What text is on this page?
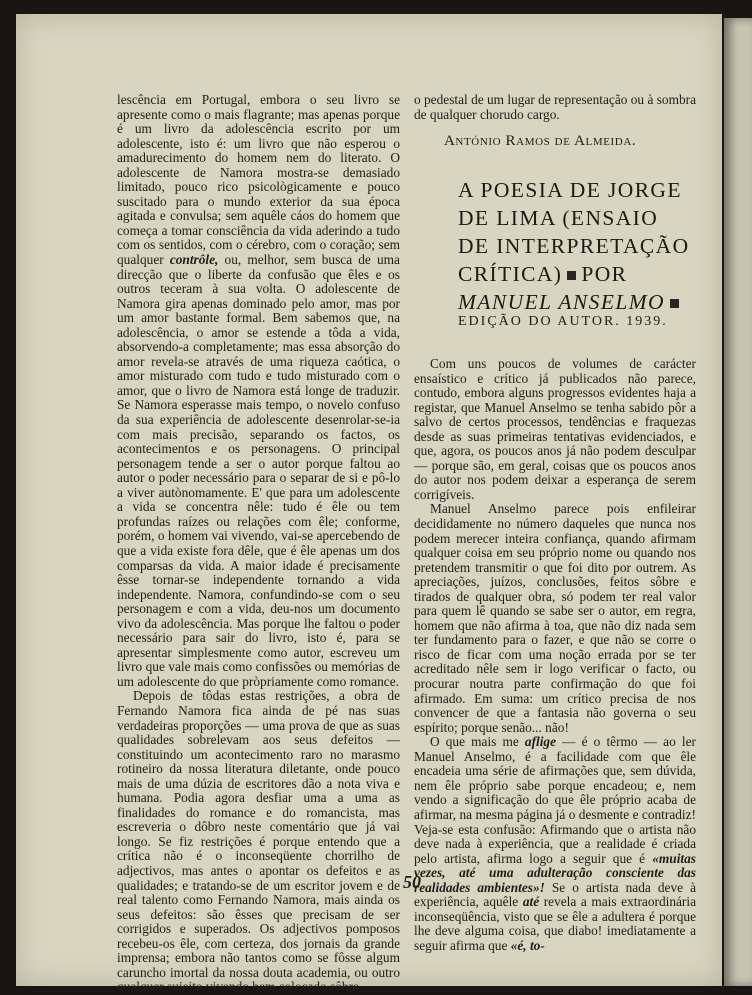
lescência em Portugal, embora o seu livro se apresente como o mais flagrante; mas apenas porque é um livro da adolescência escrito por um adolescente, isto é: um livro que não esperou o amadurecimento do homem nem do literato. O adolescente de Namora mostra-se demasiado limitado, pouco rico psicològicamente e pouco suscitado para o mundo exterior da sua época agitada e convulsa; sem aquêle cáos do homem que começa a tomar consciência da vida aderindo a tudo com os sentidos, com o cérebro, com o coração; sem qualquer contrôle, ou, melhor, sem busca de uma direcção que o liberte da confusão que êles e os outros teceram à sua volta. O adolescente de Namora gira apenas dominado pelo amor, mas por um amor bastante formal. Bem sabemos que, na adolescência, o amor se estende a tôda a vida, absorvendo-a completamente; mas essa absorção do amor revela-se através de uma riqueza caótica, o amor misturado com tudo e tudo misturado com o amor, que o livro de Namora está longe de traduzir. Se Namora esperasse mais tempo, o novelo confuso da sua experiência de adolescente desenrolar-se-ia com mais precisão, separando os factos, os acontecimentos e os personagens. O principal personagem tende a ser o autor porque faltou ao autor o poder necessário para o separar de si e pô-lo a viver autònomamente. E' que para um adolescente a vida se concentra nêle: tudo é êle ou tem profundas raízes ou relações com êle; conforme, porém, o homem vai vivendo, vai-se apercebendo de que a vida existe fora dêle, que é êle apenas um dos comparsas da vida. A maior idade é precisamente êsse tornar-se independente tornando a vida independente. Namora, confundindo-se com o seu personagem e com a vida, deu-nos um documento vivo da adolescência. Mas porque lhe faltou o poder necessário para sair do livro, isto é, para se apresentar simplesmente como autor, escreveu um livro que vale mais como confissões ou memórias de um adolescente do que pròpriamente como romance.

Depois de tôdas estas restrições, a obra de Fernando Namora fica ainda de pé nas suas verdadeiras proporções — uma prova de que as suas qualidades sobrelevam aos seus defeitos — constituindo um acontecimento raro no marasmo rotineiro da nossa literatura diletante, onde pouco mais de uma dúzia de escritores dão a nota viva e humana. Podia agora desfiar uma a uma as finalidades do romance e do romancista, mas escreveria o dôbro neste comentário que já vai longo. Se fiz restrições é porque entendo que a crítica não é o inconseqüente chorrilho de adjectivos, mas antes o apontar os defeitos e as qualidades; e tratando-se de um escritor jovem e de real talento como Fernando Namora, mais ainda os seus defeitos: são êsses que precisam de ser corrigidos e superados. Os adjectivos pomposos recebeu-os êle, com certeza, dos jornais da grande imprensa; embora não tantos como se fôsse algum caruncho imortal da nossa douta academia, ou outro qualquer sujeito vivendo bem colocado sôbre

o pedestal de um lugar de representação ou à sombra de qualquer chorudo cargo.

António Ramos de Almeida.
A POESIA DE JORGE DE LIMA (ENSAIO DE INTERPRETAÇÃO CRÍTICA) POR MANUEL ANSELMO
EDIÇÃO DO AUTOR. 1939.

Com uns poucos de volumes de carácter ensaístico e crítico já publicados não parece, contudo, embora alguns progressos evidentes haja a registar, que Manuel Anselmo se tenha sabido pôr a salvo de certos processos, tendências e fraquezas desde as suas primeiras tentativas evidenciados, e que, agora, os poucos anos já não podem desculpar — porque são, em geral, coisas que os poucos anos do autor nos podem deixar a esperança de serem corrigíveis.

Manuel Anselmo parece pois enfileirar decididamente no número daqueles que nunca nos podem merecer inteira confiança, quando afirmam qualquer coisa em seu próprio nome ou quando nos pretendem transmitir o que foi dito por outrem. As apreciações, juízos, conclusões, feitos sôbre e tirados de qualquer obra, só podem ter real valor para quem lê quando se sabe ser o autor, em regra, homem que não afirma à toa, que não diz nada sem ter fundamento para o fazer, e que não se corre o risco de ficar com uma noção errada por se ter acreditado nêle sem ir logo verificar o facto, ou procurar noutra parte confirmação do que foi afirmado. Em suma: um crítico precisa de nos convencer de que a fantasia não governa o seu espírito; porque senão... não!

O que mais me aflige — é o têrmo — ao ler Manuel Anselmo, é a facilidade com que êle encadeia uma série de afirmações que, sem dúvida, nem êle próprio sabe porque encadeou; e, nem vendo a significação do que êle próprio acaba de afirmar, na mesma página já o desmente e contradiz! Veja-se esta confusão: Afirmando que o artista não deve nada à experiência, que a realidade é criada pelo artista, afirma logo a seguir que é «muitas vezes, até uma adulteração consciente das realidades ambientes»! Se o artista nada deve à experiência, aquêle até revela a mais extraordinária inconseqüência, visto que se êle a adultera é porque lhe deve alguma coisa, que diabo! imediatamente a seguir afirma que «é, to-

50
